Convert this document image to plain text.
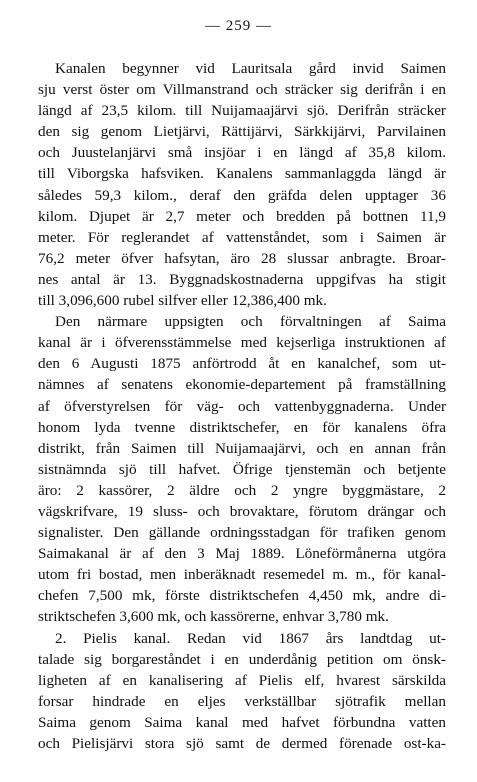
— 259 —
Kanalen begynner vid Lauritsala gård invid Saimen
sju verst öster om Villmanstrand och sträcker sig derifrån i en
längd af 23,5 kilom. till Nuijamaajärvi sjö. Derifrån sträcker
den sig genom Lietjärvi, Rättijärvi, Särkkijärvi, Parvilainen
och Juustelanjärvi små insjöar i en längd af 35,8 kilom.
till Viborgska hafsviken. Kanalens sammanlaggda längd är
således 59,3 kilom., deraf den gräfda delen upptager 36
kilom. Djupet är 2,7 meter och bredden på bottnen 11,9
meter. För reglerandet af vattenståndet, som i Saimen är
76,2 meter öfver hafsytan, äro 28 slussar anbragte. Broar-
nes antal är 13. Byggnadskostnaderna uppgifvas ha stigit
till 3,096,600 rubel silfver eller 12,386,400 mk.
Den närmare uppsigten och förvaltningen af Saima
kanal är i öfverensstämmelse med kejserliga instruktionen af
den 6 Augusti 1875 anförtrodd åt en kanalchef, som ut-
nämnes af senatens ekonomie-departement på framställning
af öfverstyrelsen för väg- och vattenbyggnaderna. Under
honom lyda tvenne distriktschefer, en för kanalens öfra
distrikt, från Saimen till Nuijamaajärvi, och en annan från
sistnämnda sjö till hafvet. Öfrige tjenstemän och betjente
äro: 2 kassörer, 2 äldre och 2 yngre byggmästare, 2
vägskrifvare, 19 sluss- och brovaktare, förutom drängar och
signalister. Den gällande ordningsstadgan för trafiken genom
Saimakanal är af den 3 Maj 1889. Löneförmånerna utgöra
utom fri bostad, men inberäknadt resemedel m. m., för kanal-
chefen 7,500 mk, förste distriktschefen 4,450 mk, andre di-
striktschefen 3,600 mk, och kassörerne, enhvar 3,780 mk.
2. Pielis kanal. Redan vid 1867 års landtdag ut-
talade sig borgareståndet i en underdånig petition om önsk-
ligheten af en kanalisering af Pielis elf, hvarest särskilda
forsar hindrade en eljes verkställbar sjötrafik mellan
Saima genom Saima kanal med hafvet förbundna vatten
och Pielisjärvi stora sjö samt de dermed förenade ost-ka-
